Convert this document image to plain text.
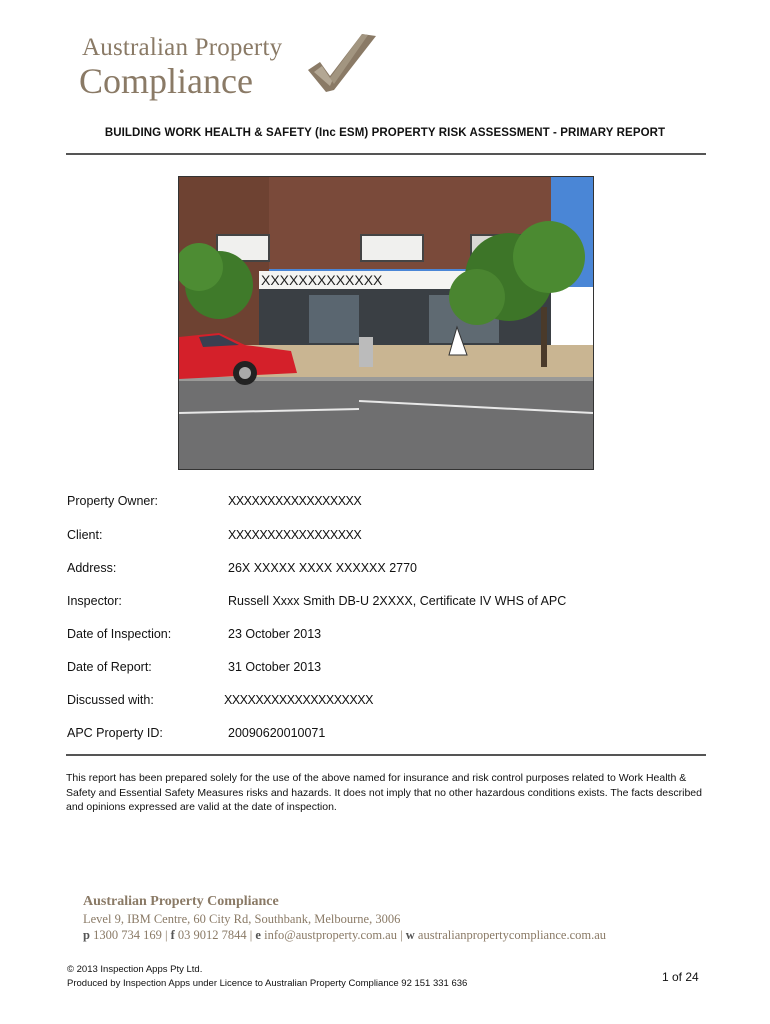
Australian Property
Compliance
BUILDING WORK HEALTH & SAFETY (Inc ESM) PROPERTY RISK ASSESSMENT - PRIMARY REPORT
XXXXXXXXXXXXX
Property Owner:	XXXXXXXXXXXXXXXXX
Client:	XXXXXXXXXXXXXXXXX
Address:	26X XXXXX XXXX XXXXXX 2770
Inspector:	Russell Xxxx Smith DB-U 2XXXX, Certificate IV WHS of APC
Date of Inspection:	23 October 2013
Date of Report:	31 October 2013
Discussed with:	XXXXXXXXXXXXXXXXXXX
APC Property ID:	20090620010071
This report has been prepared solely for the use of the above named for insurance and risk control purposes related to Work Health & Safety and Essential Safety Measures risks and hazards. It does not imply that no other hazardous conditions exists. The facts described and opinions expressed are valid at the date of inspection.
Australian Property Compliance
Level 9, IBM Centre, 60 City Rd, Southbank, Melbourne, 3006
p 1300 734 169 | f 03 9012 7844 | e info@austproperty.com.au | w australianpropertycompliance.com.au
© 2013 Inspection Apps Pty Ltd.
Produced by Inspection Apps under Licence to Australian Property Compliance 92 151 331 636	1 of 24
